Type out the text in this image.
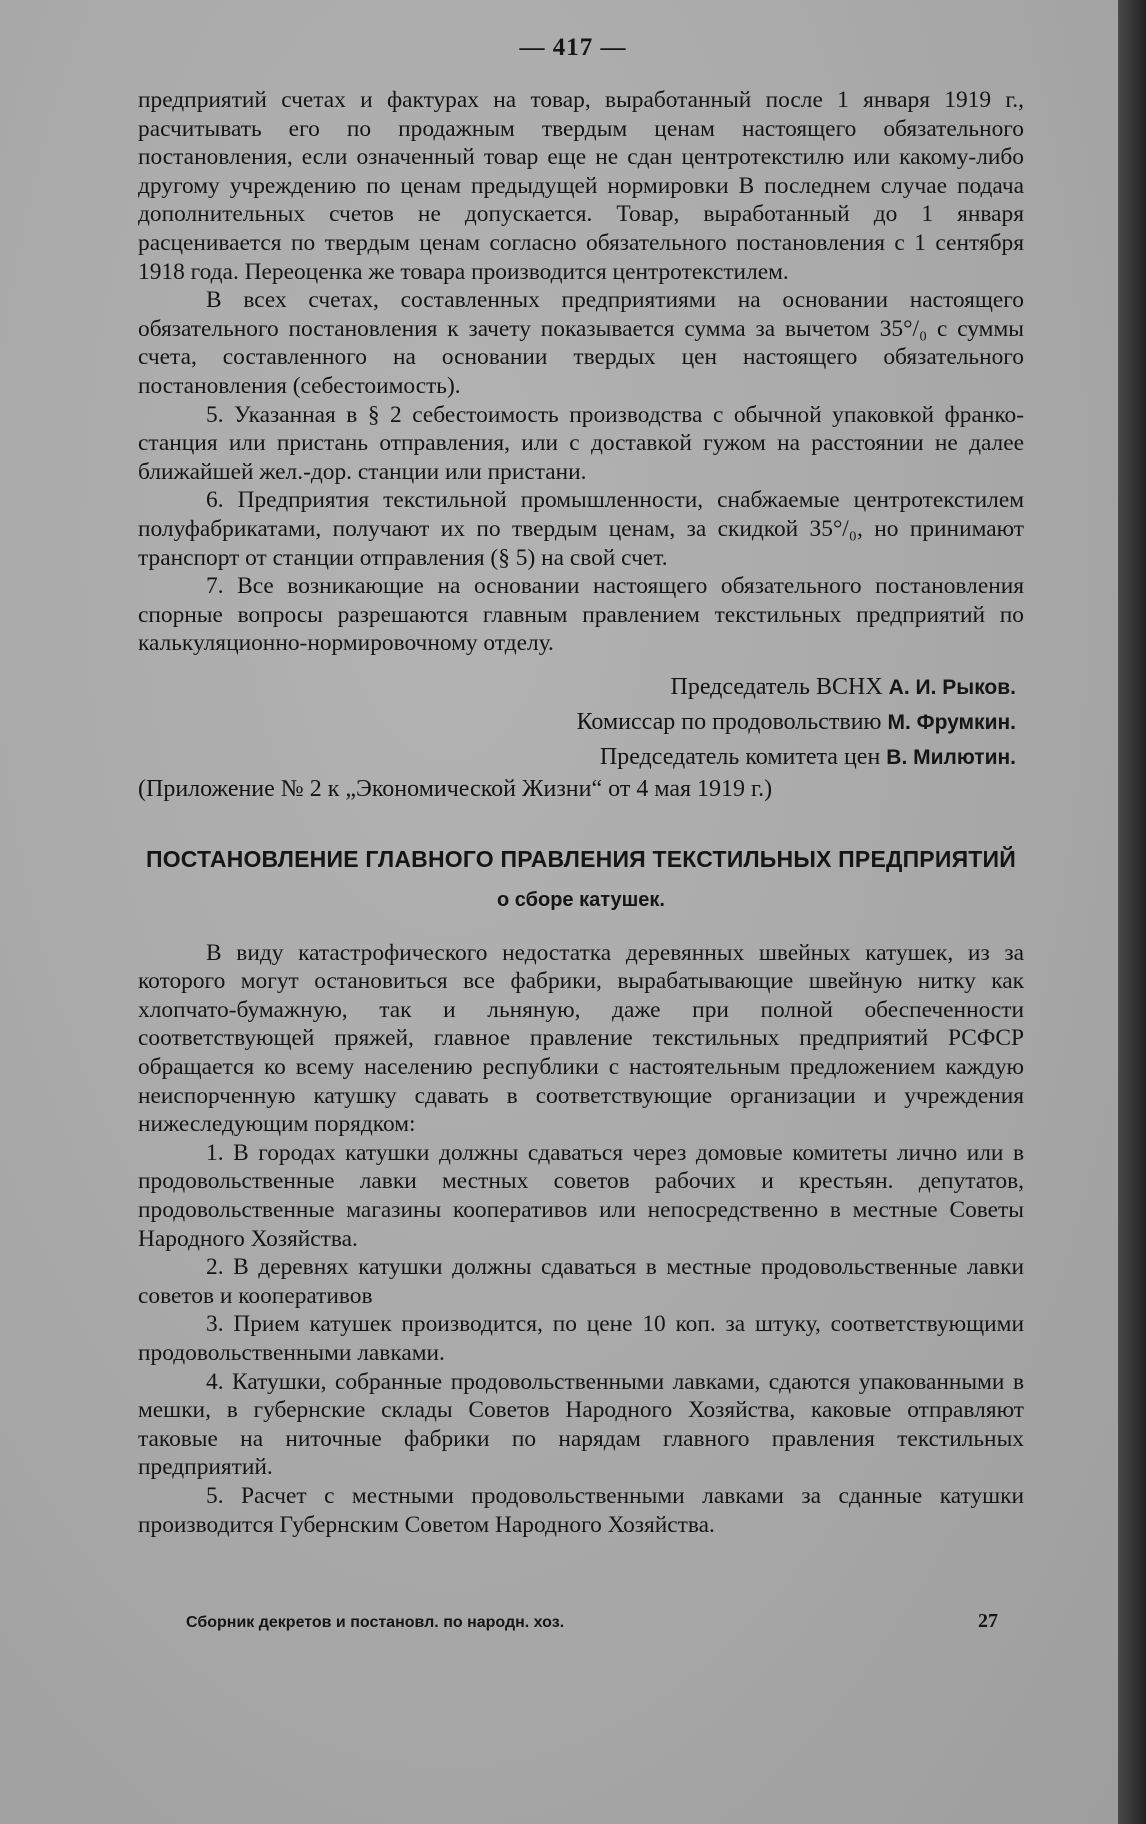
— 417 —

предприятий счетах и фактурах на товар, выработанный после 1 января 1919 г., расчитывать его по продажным твердым ценам настоящего обязательного постановления, если означенный товар еще не сдан центротекстилю или какому-либо другому учреждению по ценам предыдущей нормировки В последнем случае подача дополнительных счетов не допускается. Товар, выработанный до 1 января расценивается по твердым ценам согласно обязательного постановления с 1 сентября 1918 года. Переоценка же товара производится центротекстилем.

В всех счетах, составленных предприятиями на основании настоящего обязательного постановления к зачету показывается сумма за вычетом 35°/₀ с суммы счета, составленного на основании твердых цен настоящего обязательного постановления (себестоимость).

5. Указанная в § 2 себестоимость производства с обычной упаковкой франко-станция или пристань отправления, или с доставкой гужом на расстоянии не далее ближайшей жел.-дор. станции или пристани.

6. Предприятия текстильной промышленности, снабжаемые центротекстилем полуфабрикатами, получают их по твердым ценам, за скидкой 35°/₀, но принимают транспорт от станции отправления (§ 5) на свой счет.

7. Все возникающие на основании настоящего обязательного постановления спорные вопросы разрешаются главным правлением текстильных предприятий по калькуляционно-нормировочному отделу.

Председатель ВСНХ А. И. Рыков.
Комиссар по продовольствию М. Фрумкин.
Председатель комитета цен В. Милютин.

(Приложение № 2 к „Экономической Жизни“ от 4 мая 1919 г.)

ПОСТАНОВЛЕНИЕ ГЛАВНОГО ПРАВЛЕНИЯ ТЕКСТИЛЬНЫХ ПРЕДПРИЯТИЙ
о сборе катушек.

В виду катастрофического недостатка деревянных швейных катушек, из за которого могут остановиться все фабрики, вырабатывающие швейную нитку как хлопчато-бумажную, так и льняную, даже при полной обеспеченности соответствующей пряжей, главное правление текстильных предприятий РСФСР обращается ко всему населению республики с настоятельным предложением каждую неиспорченную катушку сдавать в соответствующие организации и учреждения нижеследующим порядком:

1. В городах катушки должны сдаваться через домовые комитеты лично или в продовольственные лавки местных советов рабочих и крестьян. депутатов, продовольственные магазины кооперативов или непосредственно в местные Советы Народного Хозяйства.

2. В деревнях катушки должны сдаваться в местные продовольственные лавки советов и кооперативов

3. Прием катушек производится, по цене 10 коп. за штуку, соответствующими продовольственными лавками.

4. Катушки, собранные продовольственными лавками, сдаются упакованными в мешки, в губернские склады Советов Народного Хозяйства, каковые отправляют таковые на ниточные фабрики по нарядам главного правления текстильных предприятий.

5. Расчет с местными продовольственными лавками за сданные катушки производится Губернским Советом Народного Хозяйства.

Сборник декретов и постановл. по народн. хоз.	27
